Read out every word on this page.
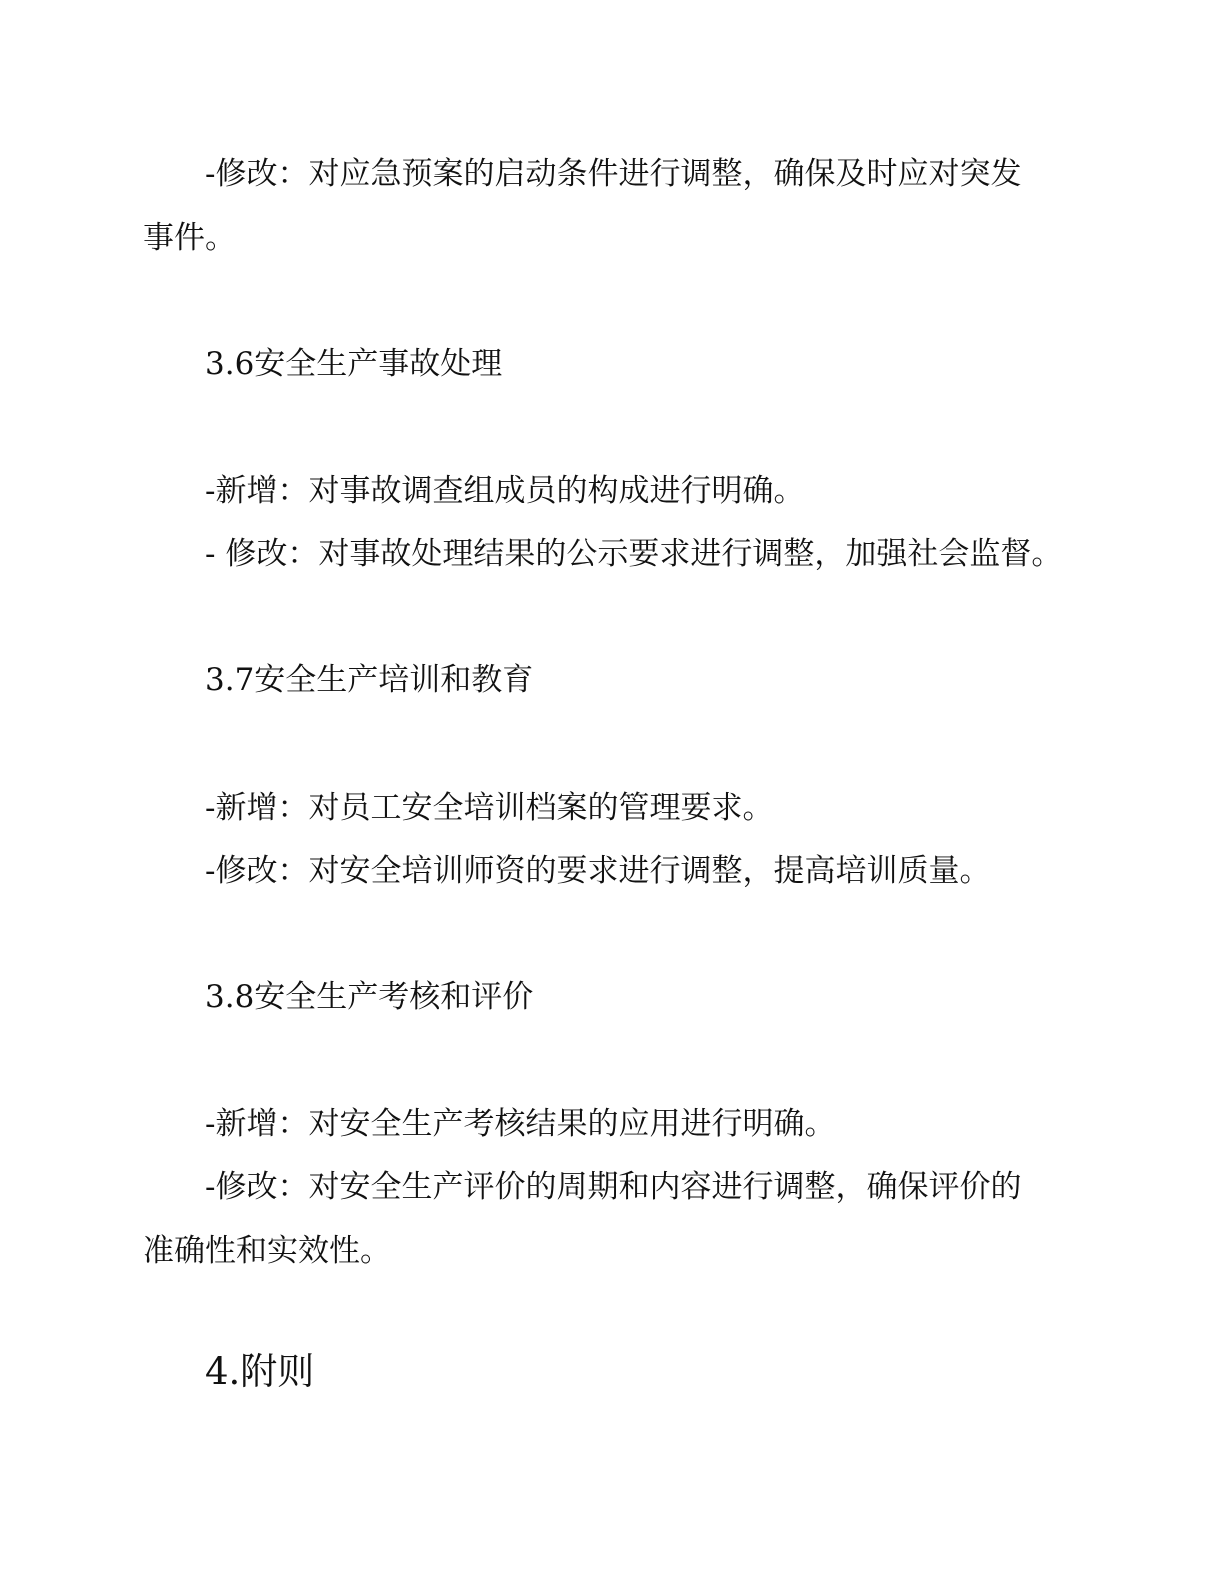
-修改：对应急预案的启动条件进行调整，确保及时应对突发
事件。
3.6安全生产事故处理
-新增：对事故调查组成员的构成进行明确。
- 修改：对事故处理结果的公示要求进行调整，加强社会监督。
3.7安全生产培训和教育
-新增：对员工安全培训档案的管理要求。
-修改：对安全培训师资的要求进行调整，提高培训质量。
3.8安全生产考核和评价
-新增：对安全生产考核结果的应用进行明确。
-修改：对安全生产评价的周期和内容进行调整，确保评价的
准确性和实效性。
4.附则
